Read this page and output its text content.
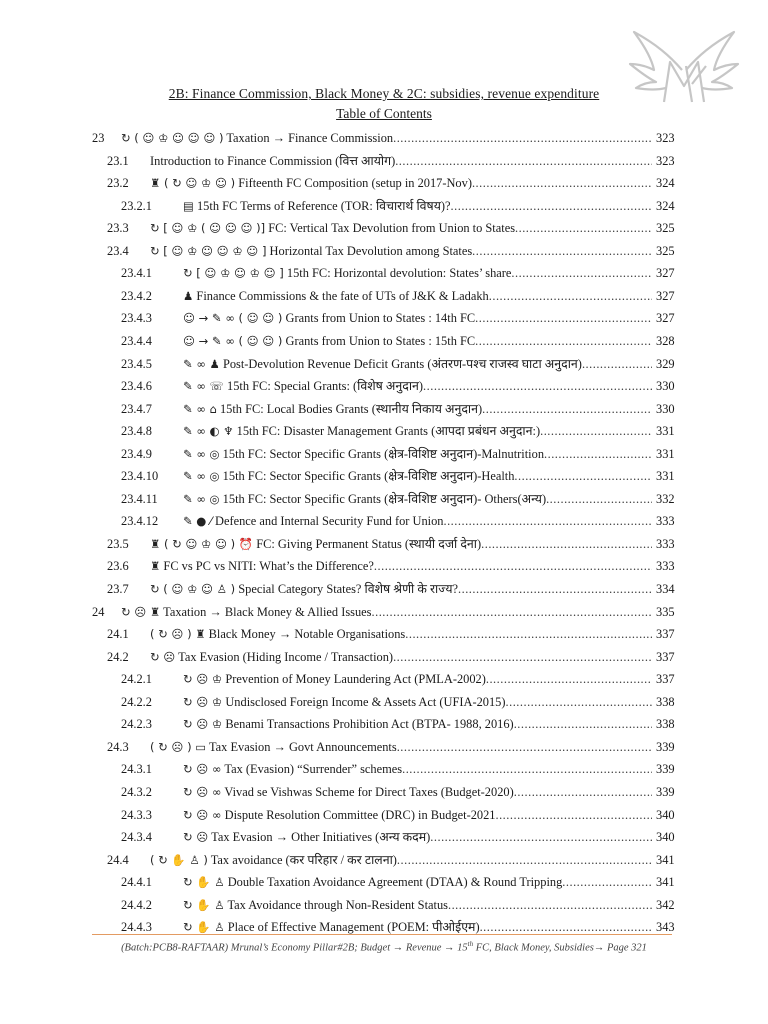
2B: Finance Commission, Black Money & 2C: subsidies, revenue expenditure
Table of Contents
23 ↻ ( ☺ ♔ ☺ ☺ ☺ ) Taxation → Finance Commission .....	323
23.1 Introduction to Finance Commission (वित्त आयोग) .....	323
23.2 ♜ ( ↻ ☺ ♔ ☺ ) Fifteenth FC Composition (setup in 2017-Nov) .....	324
23.2.1	▤ 15th FC Terms of Reference (TOR: विचारार्थ विषय)? .....	324
23.3 ↻ [ ☺ ♔ ( ☺ ☺ ☺ )] FC: Vertical Tax Devolution from Union to States .....	325
23.4 ↻ [ ☺ ♔ ☺ ☺ ♔ ☺ ] Horizontal Tax Devolution among States .....	325
23.4.1	↻ [ ☺ ♔ ☺ ♔ ☺ ] 15th FC: Horizontal devolution: States’ share .....	327
23.4.2	♟ Finance Commissions & the fate of UTs of J&K & Ladakh .....	327
23.4.3	☺ → ✎ ∞ ( ☺ ☺ ) Grants from Union to States : 14th FC .....	327
23.4.4	☺ → ✎ ∞ ( ☺ ☺ ) Grants from Union to States : 15th FC .....	328
23.4.5	✎ ∞ ♟ Post-Devolution Revenue Deficit Grants (अंतरण-पश्च राजस्व घाटा अनुदान) .....	329
23.4.6	✎ ∞ ☏ 15th FC: Special Grants: (विशेष अनुदान) .....	330
23.4.7	✎ ∞ ⌂ 15th FC: Local Bodies Grants (स्थानीय निकाय अनुदान) .....	330
23.4.8	✎ ∞ ◐ ♆ 15th FC: Disaster Management Grants (आपदा प्रबंधन अनुदान:) .....	331
23.4.9	✎ ∞ ◎ 15th FC: Sector Specific Grants (क्षेत्र-विशिष्ट अनुदान)-Malnutrition .....	331
23.4.10 ✎ ∞ ◎ 15th FC: Sector Specific Grants (क्षेत्र-विशिष्ट अनुदान)-Health .....	331
23.4.11 ✎ ∞ ◎ 15th FC: Sector Specific Grants (क्षेत्र-विशिष्ट अनुदान)- Others(अन्य) .....	332
23.4.12 ✎ ● ⁄ Defence and Internal Security Fund for Union .....	333
23.5 ♜ ( ↻ ☺ ♔ ☺ ) ⏰ FC: Giving Permanent Status (स्थायी दर्जा देना) .....	333
23.6 ♜ FC vs PC vs NITI: What’s the Difference? .....	333
23.7 ↻ ( ☺ ♔ ☺ ♙ ) Special Category States? विशेष श्रेणी के राज्य? .....	334
24 ↻ ☹ ♜ Taxation → Black Money & Allied Issues .....	335
24.1 ( ↻ ☹ ) ♜ Black Money → Notable Organisations .....	337
24.2 ↻ ☹ Tax Evasion (Hiding Income / Transaction) .....	337
24.2.1	↻ ☹ ♔ Prevention of Money Laundering Act (PMLA-2002) .....	337
24.2.2	↻ ☹ ♔ Undisclosed Foreign Income & Assets Act (UFIA-2015) .....	338
24.2.3	↻ ☹ ♔ Benami Transactions Prohibition Act (BTPA- 1988, 2016) .....	338
24.3 ( ↻ ☹ ) ▭ Tax Evasion → Govt Announcements .....	339
24.3.1	↻ ☹ ∞ Tax (Evasion) “Surrender” schemes .....	339
24.3.2	↻ ☹ ∞ Vivad se Vishwas Scheme for Direct Taxes (Budget-2020) .....	339
24.3.3	↻ ☹ ∞ Dispute Resolution Committee (DRC) in Budget-2021 .....	340
24.3.4	↻ ☹ Tax Evasion → Other Initiatives (अन्य कदम) .....	340
24.4 ( ↻ ✋ ♙ ) Tax avoidance (कर परिहार / कर टालना) .....	341
24.4.1	↻ ✋ ♙ Double Taxation Avoidance Agreement (DTAA) & Round Tripping .....	341
24.4.2	↻ ✋ ♙ Tax Avoidance through Non-Resident Status .....	342
24.4.3	↻ ✋ ♙ Place of Effective Management (POEM: पीओईएम) .....	343
(Batch:PCB8-RAFTAAR) Mrunal’s Economy Pillar#2B; Budget → Revenue → 15th FC, Black Money, Subsidies→ Page 321
